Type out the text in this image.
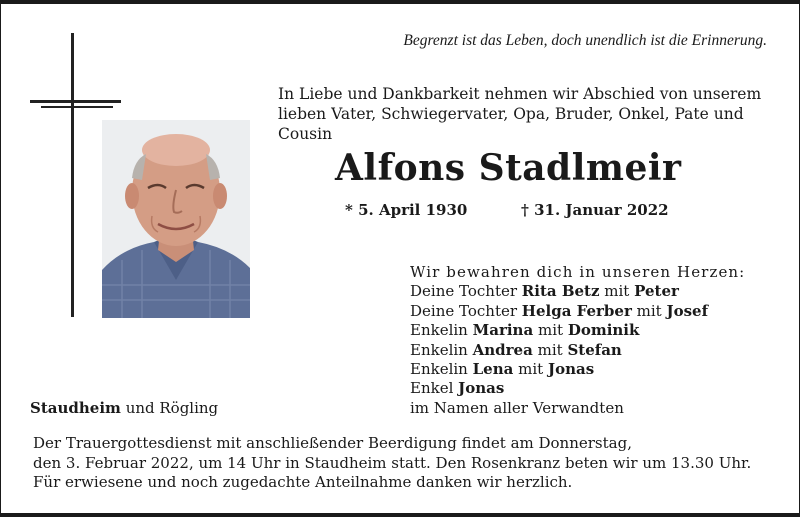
Begrenzt ist das Leben, doch unendlich ist die Erinnerung.
In Liebe und Dankbarkeit nehmen wir Abschied von unserem
lieben Vater, Schwiegervater, Opa, Bruder, Onkel, Pate und
Cousin
Alfons Stadlmeir
* 5. April 1930	† 31. Januar 2022
Wir bewahren dich in unseren Herzen:
Deine Tochter Rita Betz mit Peter
Deine Tochter Helga Ferber mit Josef
Enkelin Marina mit Dominik
Enkelin Andrea mit Stefan
Enkelin Lena mit Jonas
Enkel Jonas
im Namen aller Verwandten
Staudheim und Rögling
Der Trauergottesdienst mit anschließender Beerdigung findet am Donnerstag,
den 3. Februar 2022, um 14 Uhr in Staudheim statt. Den Rosenkranz beten wir um 13.30 Uhr.
Für erwiesene und noch zugedachte Anteilnahme danken wir herzlich.
